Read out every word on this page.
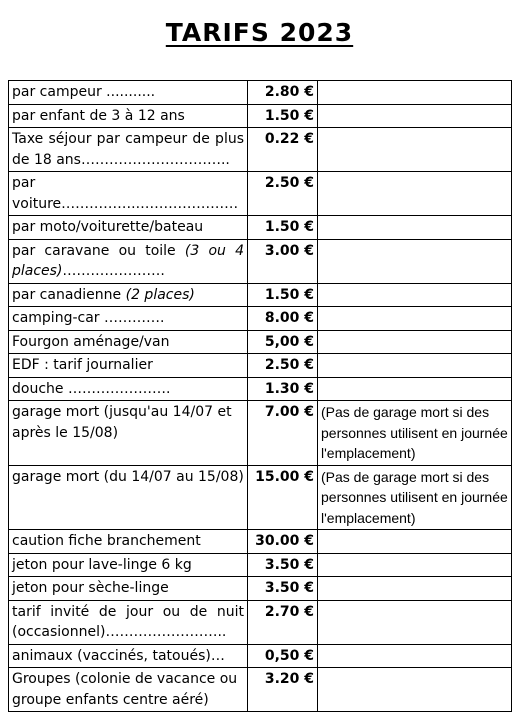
TARIFS 2023
par campeur ...........	2.80 €	
par enfant de 3 à 12 ans	1.50 €	
Taxe séjour par campeur de plus de 18 ans…………………………..	0.22 €	
par voiture……………..…………………	2.50 €	
par moto/voiturette/bateau	1.50 €	
par caravane ou toile (3 ou 4 places)………………….	3.00 €	
par canadienne (2 places)	1.50 €	
camping-car ………….	8.00 €	
Fourgon aménage/van	5,00 €	
EDF : tarif journalier	2.50 €	
douche ………………….	1.30 €	
garage mort (jusqu'au 14/07 et après le 15/08)	7.00 €	(Pas de garage mort si des personnes utilisent en journée l'emplacement)
garage mort (du 14/07 au 15/08)	15.00 €	(Pas de garage mort si des personnes utilisent en journée l'emplacement)
caution fiche branchement	30.00 €	
jeton pour lave-linge 6 kg	3.50 €	
jeton pour sèche-linge	3.50 €	
tarif invité de jour ou de nuit (occasionnel)……………………..	2.70 €	
animaux (vaccinés, tatoués)…	0,50 €	
Groupes (colonie de vacance ou groupe enfants centre aéré)	3.20 €	
